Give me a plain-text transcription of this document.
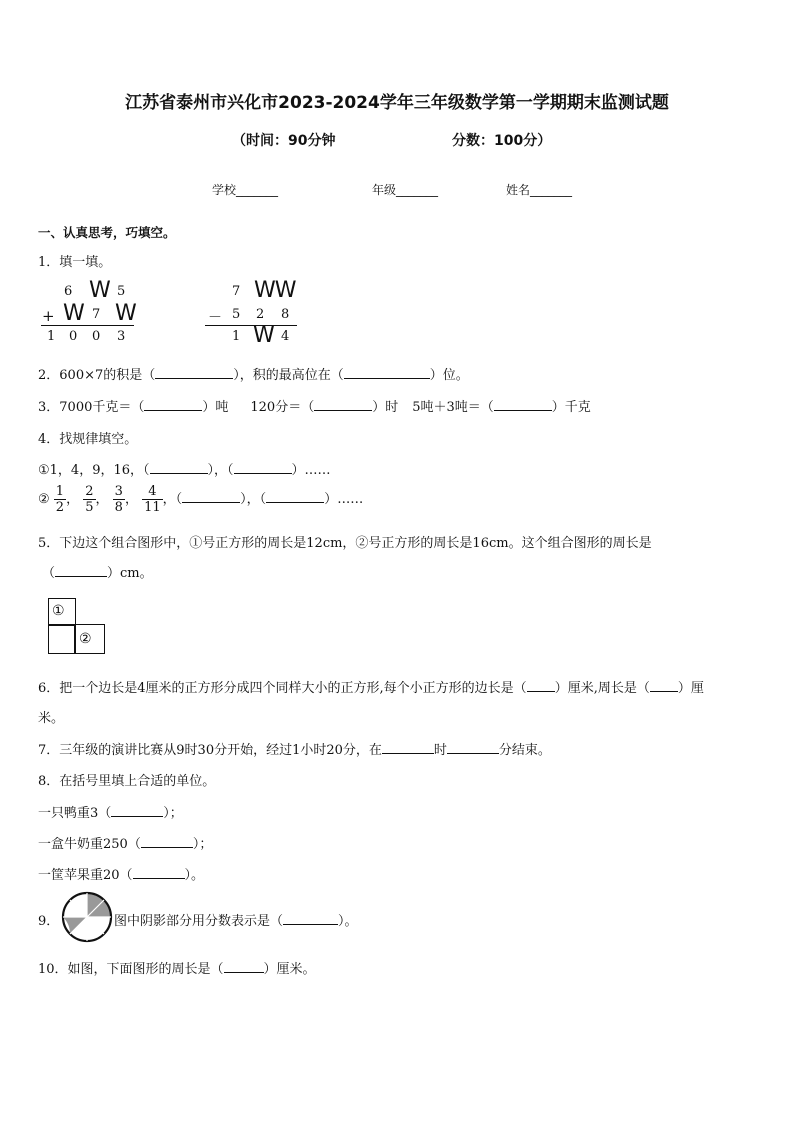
江苏省泰州市兴化市2023-2024学年三年级数学第一学期期末监测试题
（时间：90分钟	分数：100分）
学校_______	年级_______	姓名_______
一、认真思考，巧填空。
1．填一填。
6 W 5
+ W 7 W
1 0 0 3
7 WW
－ 5 2 8
1 W 4
2．600×7的积是（	），积的最高位在（	）位。
3．7000千克＝（	）吨 120分＝（	）时 5吨＋3吨＝（	）千克
4．找规律填空。
①1，4，9，16，（	），（	）……
② $\frac{1}{2}$ ， $\frac{2}{5}$ ， $\frac{3}{8}$ ， $\frac{4}{11}$ ，（	），（	）……
5．下边这个组合图形中，①号正方形的周长是12cm，②号正方形的周长是16cm。这个组合图形的周长是
（	）cm。
①
②
6．把一个边长是4厘米的正方形分成四个同样大小的正方形,每个小正方形的边长是（ ）厘米,周长是（ ）厘
米。
7．三年级的演讲比赛从9时30分开始，经过1小时20分，在	时	分结束。
8．在括号里填上合适的单位。
一只鸭重3（	）；
一盒牛奶重250（	）；
一筐苹果重20（	）。
9．	图中阴影部分用分数表示是（	）。
10．如图，下面图形的周长是（	）厘米。
